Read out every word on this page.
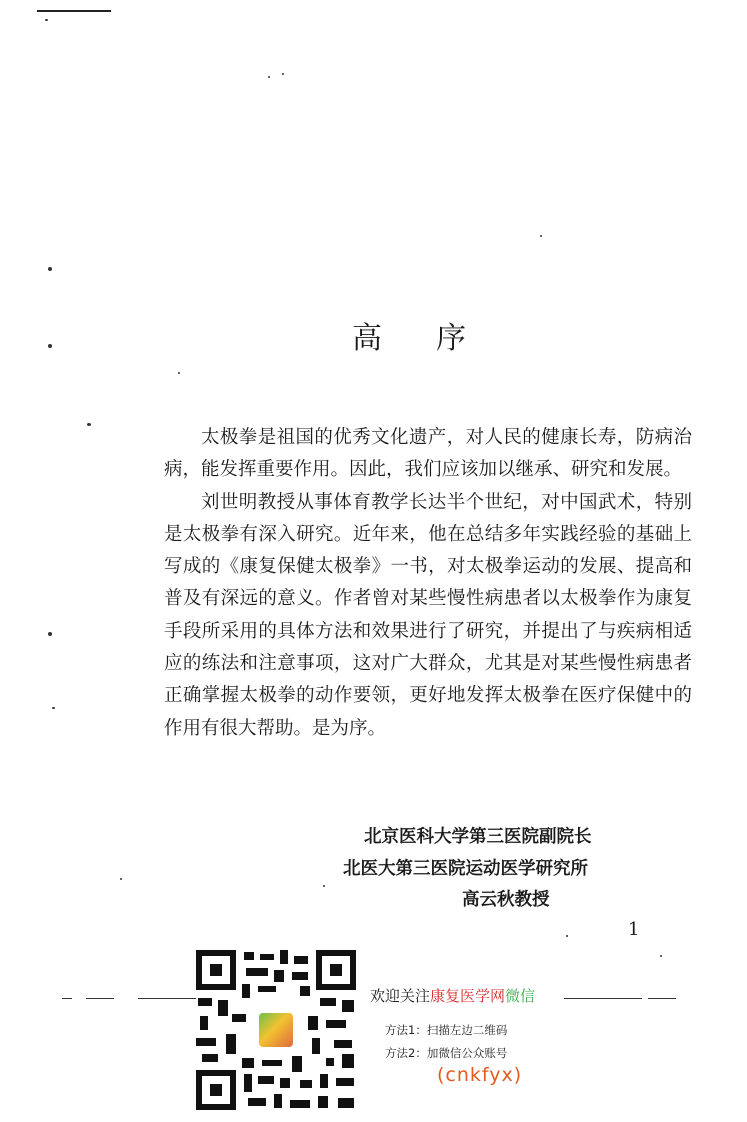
高 序

太极拳是祖国的优秀文化遗产，对人民的健康长寿，防病治病，能发挥重要作用。因此，我们应该加以继承、研究和发展。

刘世明教授从事体育教学长达半个世纪，对中国武术，特别是太极拳有深入研究。近年来，他在总结多年实践经验的基础上写成的《康复保健太极拳》一书，对太极拳运动的发展、提高和普及有深远的意义。作者曾对某些慢性病患者以太极拳作为康复手段所采用的具体方法和效果进行了研究，并提出了与疾病相适应的练法和注意事项，这对广大群众，尤其是对某些慢性病患者正确掌握太极拳的动作要领，更好地发挥太极拳在医疗保健中的作用有很大帮助。是为序。

北京医科大学第三医院副院长
北医大第三医院运动医学研究所
高云秋教授
1
欢迎关注康复医学网微信
方法1：扫描左边二维码
方法2：加微信公众账号
(cnkfyx)
